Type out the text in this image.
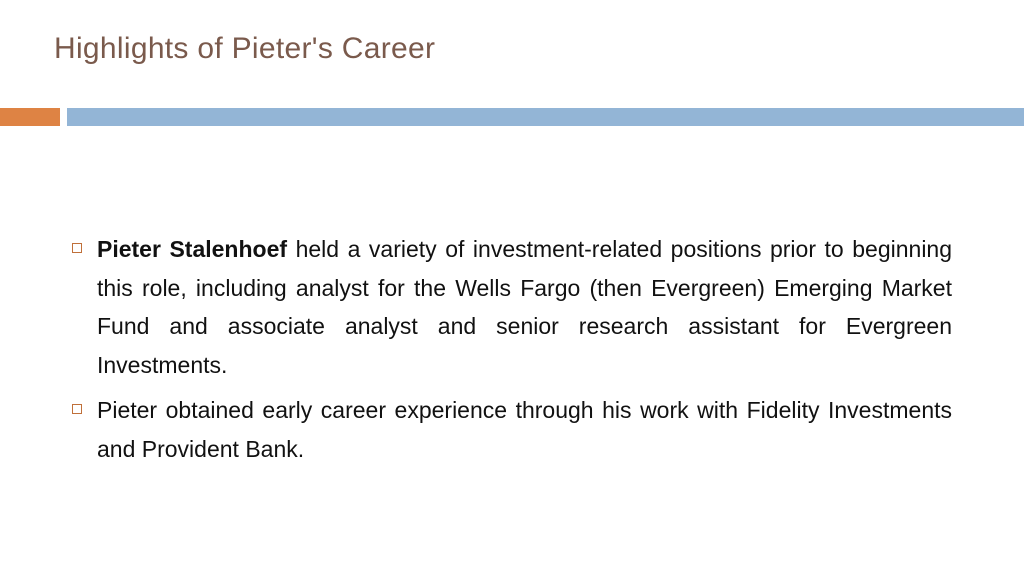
Highlights of Pieter's Career
Pieter Stalenhoef held a variety of investment-related positions prior to beginning this role, including analyst for the Wells Fargo (then Evergreen) Emerging Market Fund and associate analyst and senior research assistant for Evergreen Investments.
Pieter obtained early career experience through his work with Fidelity Investments and Provident Bank.
